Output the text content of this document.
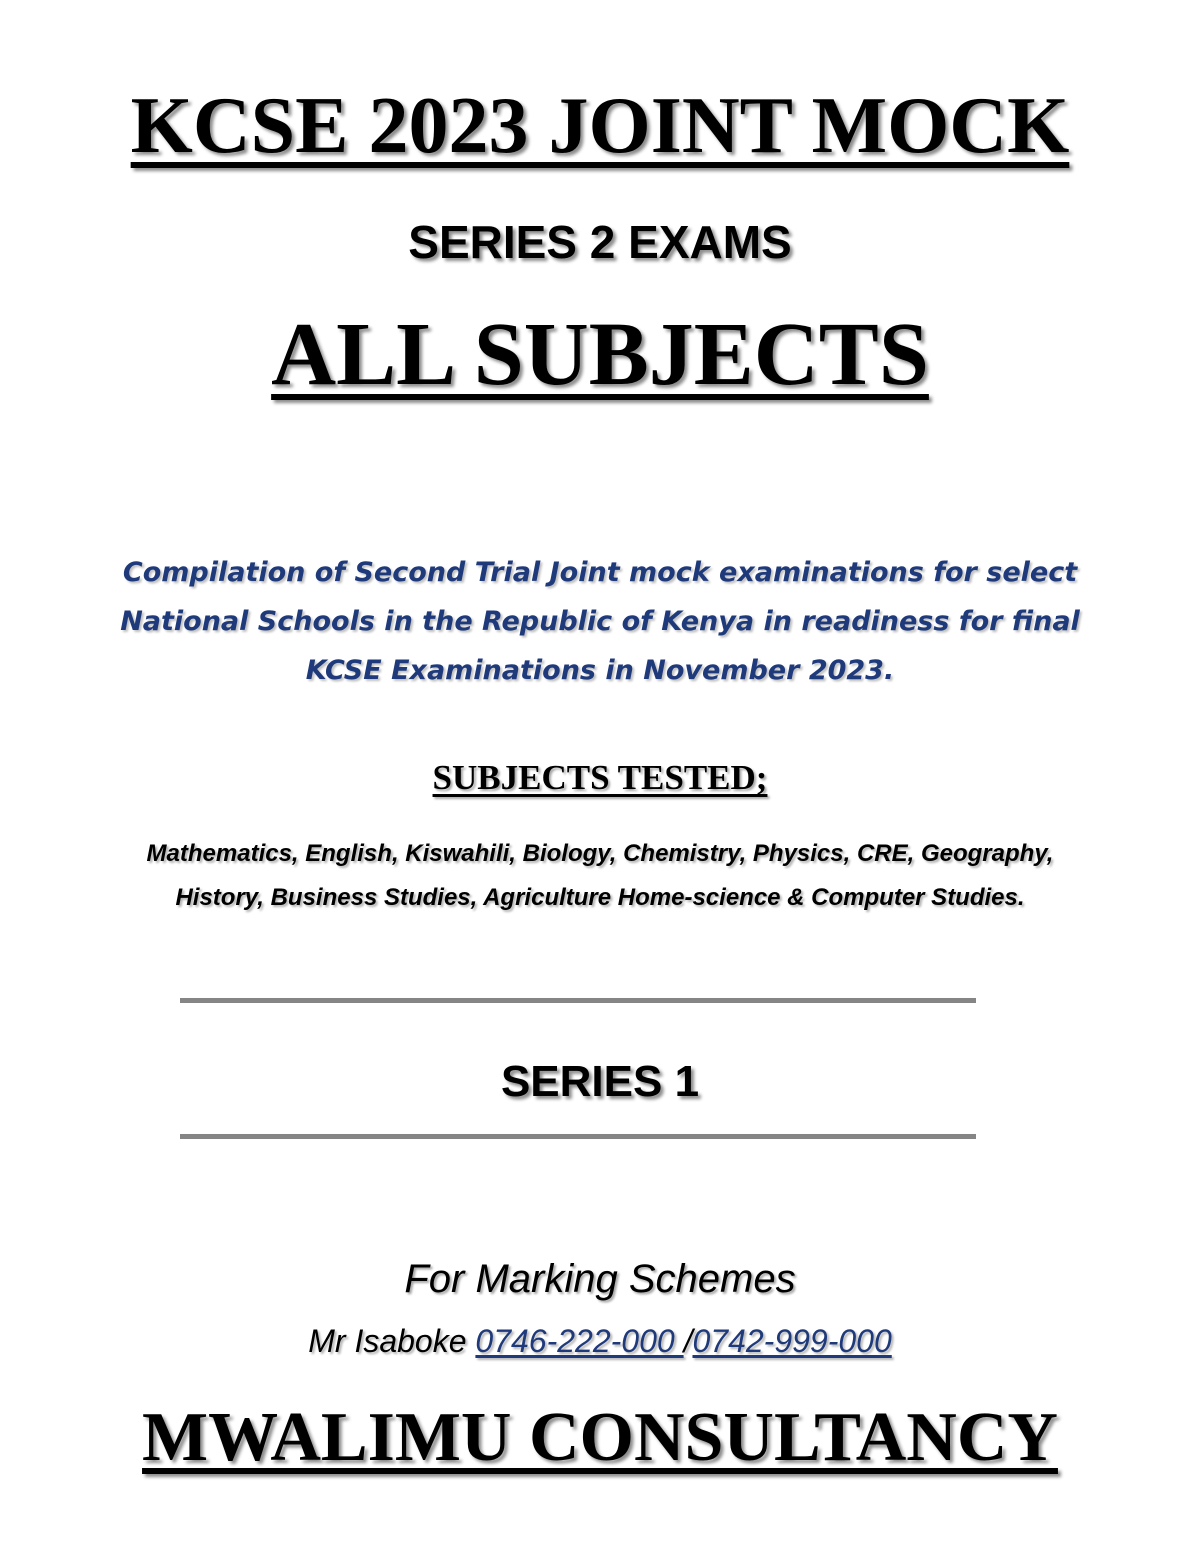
KCSE 2023 JOINT MOCK
SERIES 2 EXAMS
ALL SUBJECTS
Compilation of Second Trial Joint mock examinations for select
National Schools in the Republic of Kenya in readiness for final
KCSE Examinations in November 2023.
SUBJECTS TESTED;
Mathematics, English, Kiswahili, Biology, Chemistry, Physics, CRE, Geography,
History, Business Studies, Agriculture Home-science & Computer Studies.
SERIES 1
For Marking Schemes
Mr Isaboke 0746-222-000 /0742-999-000
MWALIMU CONSULTANCY
